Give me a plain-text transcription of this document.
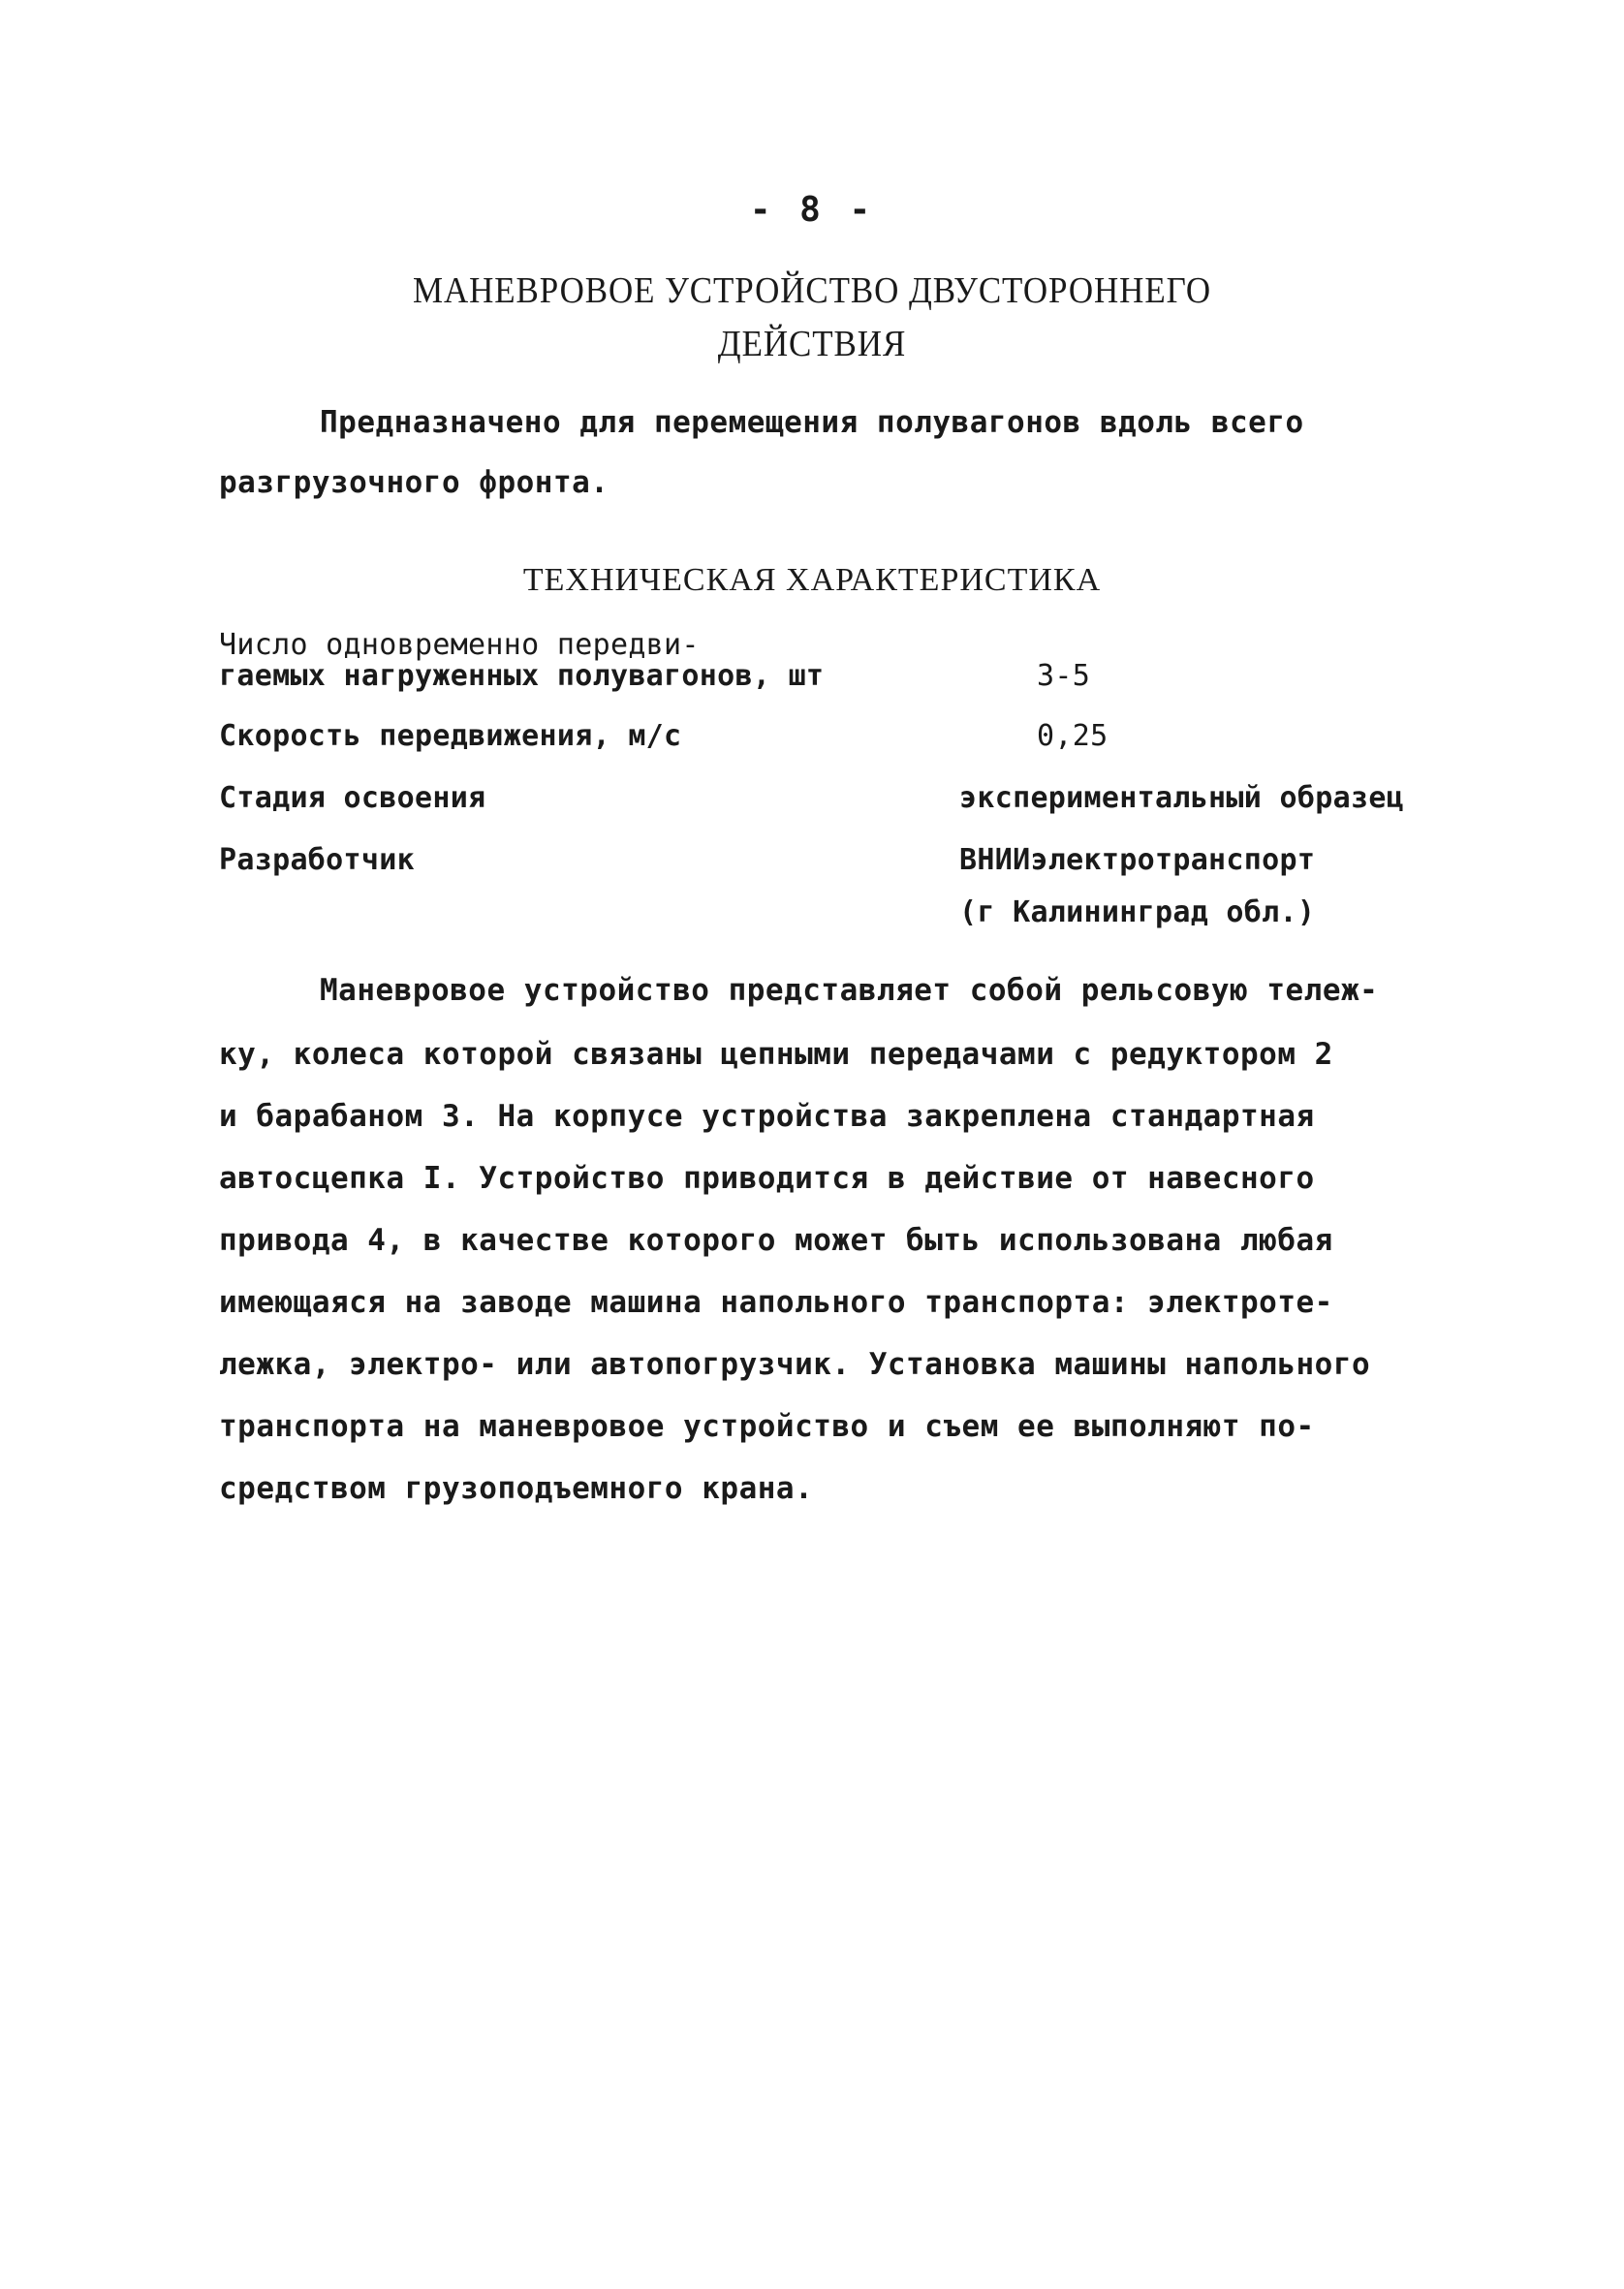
- 8 -
МАНЕВРОВОЕ УСТРОЙСТВО ДВУСТОРОННЕГО
ДЕЙСТВИЯ
Предназначено для перемещения полувагонов вдоль всего
разгрузочного фронта.
ТЕХНИЧЕСКАЯ ХАРАКТЕРИСТИКА
Число одновременно передви-
гаемых нагруженных полувагонов, шт	3-5
Скорость передвижения, м/с	0,25
Стадия освоения	экспериментальный образец
Разработчик	ВНИИэлектротранспорт
(г Калининград обл.)
Маневровое устройство представляет собой рельсовую тележ-
ку, колеса которой связаны цепными передачами с редуктором 2
и барабаном 3. На корпусе устройства закреплена стандартная
автосцепка I. Устройство приводится в действие от навесного
привода 4, в качестве которого может быть использована любая
имеющаяся на заводе машина напольного транспорта: электроте-
лежка, электро- или автопогрузчик. Установка машины напольного
транспорта на маневровое устройство и съем ее выполняют по-
средством грузоподъемного крана.
